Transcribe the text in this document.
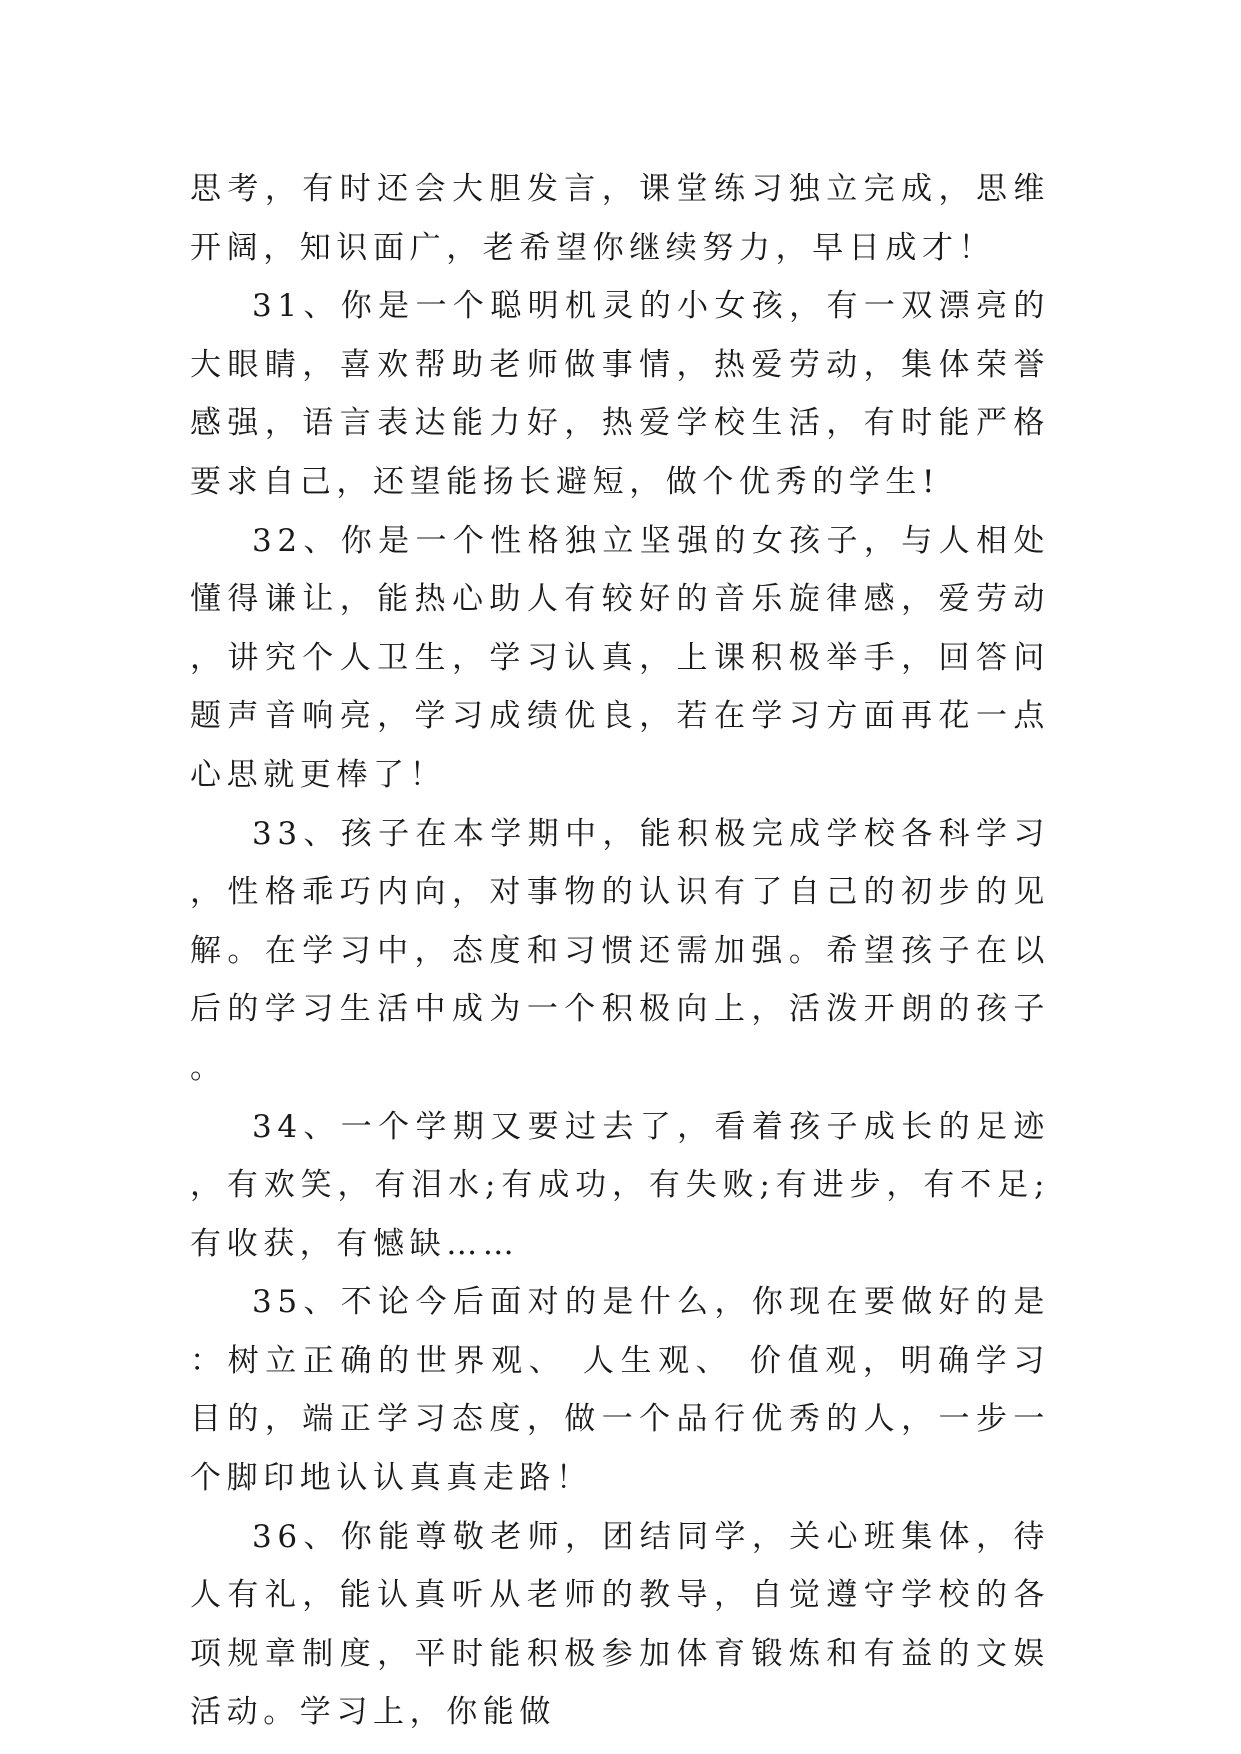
思考，有时还会大胆发言，课堂练习独立完成，思维开阔，知识面广，老希望你继续努力，早日成才！

31、你是一个聪明机灵的小女孩，有一双漂亮的大眼睛，喜欢帮助老师做事情，热爱劳动，集体荣誉感强，语言表达能力好，热爱学校生活，有时能严格要求自己，还望能扬长避短，做个优秀的学生!

32、你是一个性格独立坚强的女孩子，与人相处懂得谦让，能热心助人有较好的音乐旋律感，爱劳动，讲究个人卫生，学习认真，上课积极举手，回答问题声音响亮，学习成绩优良，若在学习方面再花一点心思就更棒了！

33、孩子在本学期中，能积极完成学校各科学习，性格乖巧内向，对事物的认识有了自己的初步的见解。在学习中，态度和习惯还需加强。希望孩子在以后的学习生活中成为一个积极向上，活泼开朗的孩子。

34、一个学期又要过去了，看着孩子成长的足迹，有欢笑，有泪水;有成功，有失败;有进步，有不足;有收获，有憾缺……

35、不论今后面对的是什么，你现在要做好的是：树立正确的世界观、 人生观、 价值观，明确学习目的，端正学习态度，做一个品行优秀的人，一步一个脚印地认认真真走路！

36、你能尊敬老师，团结同学，关心班集体，待人有礼，能认真听从老师的教导，自觉遵守学校的各项规章制度，平时能积极参加体育锻炼和有益的文娱活动。学习上，你能做
